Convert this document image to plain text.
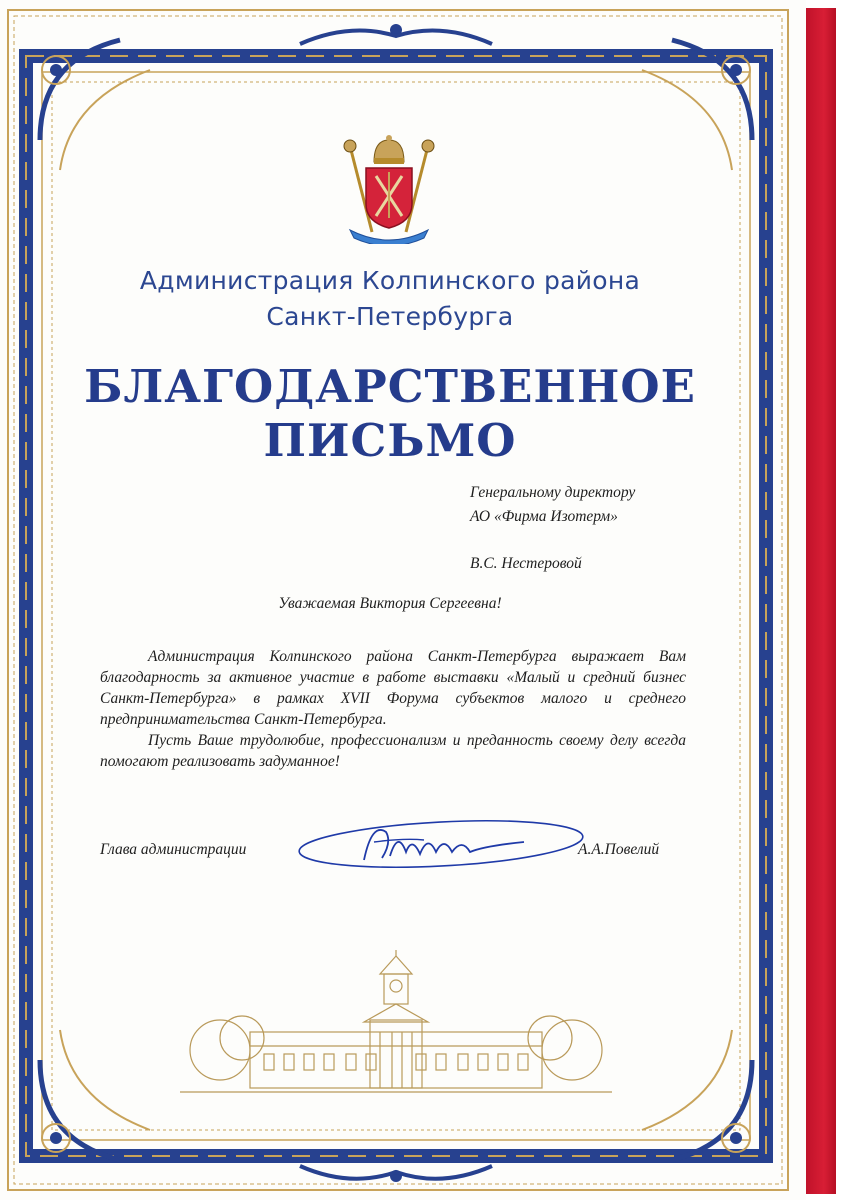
Администрация Колпинского района

Санкт-Петербурга

БЛАГОДАРСТВЕННОЕ
ПИСЬМО

Генеральному директору

АО «Фирма Изотерм»

В.С. Нестеровой

Уважаемая Виктория Сергеевна!

Администрация Колпинского района Санкт-Петербурга выражает Вам благодарность за активное участие в работе выставки «Малый и средний бизнес Санкт-Петербурга» в рамках XVII Форума субъектов малого и среднего предпринимательства Санкт-Петербурга.

Пусть Ваше трудолюбие, профессионализм и преданность своему делу всегда помогают реализовать задуманное!

Глава администрации	А.А.Повелий
